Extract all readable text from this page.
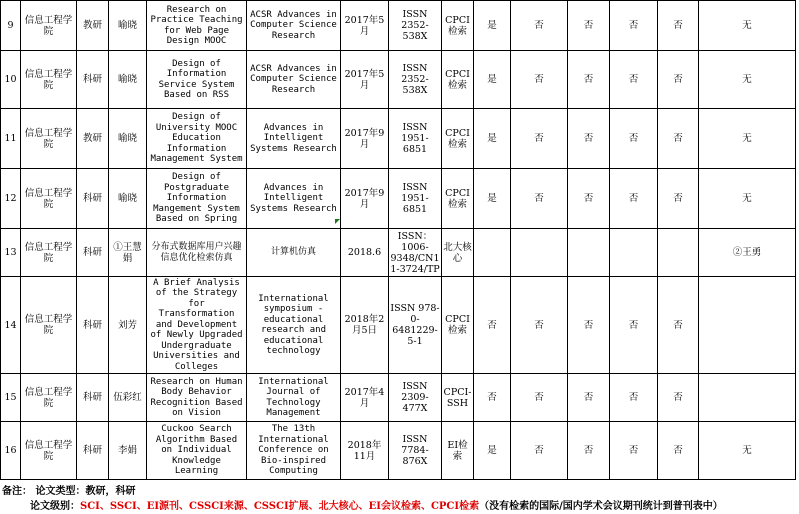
9	信息工程学院	教研	喻晓	Research on Practice Teaching for Web Page Design MOOC	ACSR Advances in Computer Science Research	2017年5月	ISSN 2352-538X	CPCI 检索	是	否	否	否	否	无
10	信息工程学院	科研	喻晓	Design of Information Service System Based on RSS	ACSR Advances in Computer Science Research	2017年5月	ISSN 2352-538X	CPCI 检索	是	否	否	否	否	无
11	信息工程学院	教研	喻晓	Design of University MOOC Education Information Management System	Advances in Intelligent Systems Research	2017年9月	ISSN 1951-6851	CPCI 检索	是	否	否	否	否	无
12	信息工程学院	科研	喻晓	Design of Postgraduate Information Mangement System Based on Spring	Advances in Intelligent Systems Research	2017年9月	ISSN 1951-6851	CPCI 检索	是	否	否	否	否	无
13	信息工程学院	科研	①王慧娟	分布式数据库用户兴趣信息优化检索仿真	计算机仿真	2018.6	ISSN：1006-9348/CN11-3724/TP	北大核心						②王勇
14	信息工程学院	科研	刘芳	A Brief Analysis of the Strategy for Transformation and Development of Newly Upgraded Undergraduate Universities and Colleges	International symposium - educational research and educational technology	2018年2月5日	ISSN 978-0-6481229-5-1	CPCI 检索	否	否	否	否	否	
15	信息工程学院	科研	伍彩红	Research on Human Body Behavior Recognition Based on Vision	International Journal of Technology Management	2017年4月	ISSN 2309-477X	CPCI-SSH	否	否	否	否	否	
16	信息工程学院	科研	李娟	Cuckoo Search Algorithm Based on Individual Knowledge Learning	The 13th International Conference on Bio-inspired Computing	2018年11月	ISSN 7784-876X	EI检索	是	否	否	否	否	无
备注： 论文类型：教研，科研
论文级别：SCI、SSCI、EI源刊、CSSCI来源、CSSCI扩展、北大核心、EI会议检索、CPCI检索（没有检索的国际/国内学术会议期刊统计到普刊表中）
